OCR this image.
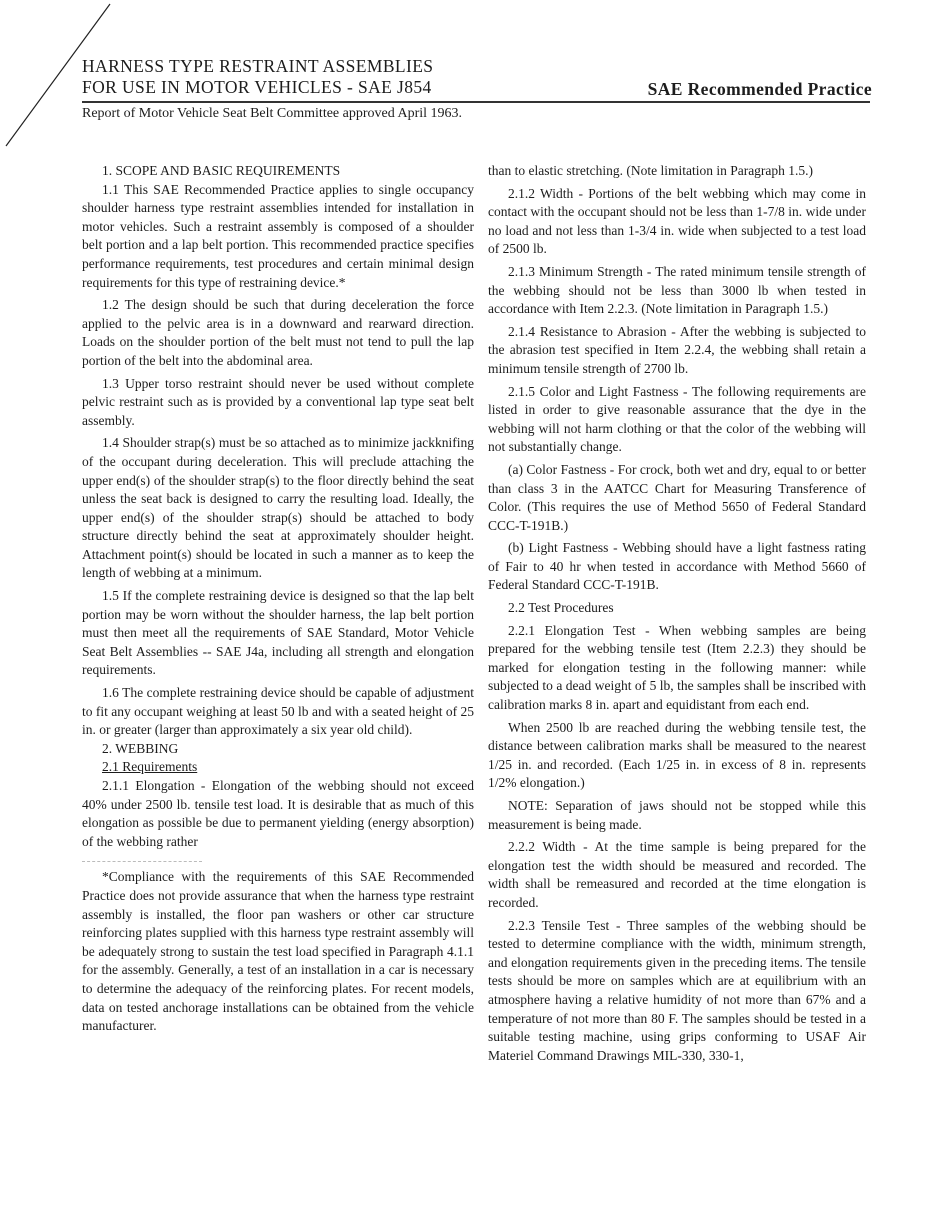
HARNESS TYPE RESTRAINT ASSEMBLIES

FOR USE IN MOTOR VEHICLES - SAE J854	SAE Recommended Practice
Report of Motor Vehicle Seat Belt Committee approved April 1963.

1. SCOPE AND BASIC REQUIREMENTS

1.1 This SAE Recommended Practice applies to single occupancy shoulder harness type restraint assemblies intended for installation in motor vehicles. Such a restraint assembly is composed of a shoulder belt portion and a lap belt portion. This recommended practice specifies performance requirements, test procedures and certain minimal design requirements for this type of restraining device.*

1.2 The design should be such that during deceleration the force applied to the pelvic area is in a downward and rearward direction. Loads on the shoulder portion of the belt must not tend to pull the lap portion of the belt into the abdominal area.

1.3 Upper torso restraint should never be used without complete pelvic restraint such as is provided by a conventional lap type seat belt assembly.

1.4 Shoulder strap(s) must be so attached as to minimize jackknifing of the occupant during deceleration. This will preclude attaching the upper end(s) of the shoulder strap(s) to the floor directly behind the seat unless the seat back is designed to carry the resulting load. Ideally, the upper end(s) of the shoulder strap(s) should be attached to body structure directly behind the seat at approximately shoulder height. Attachment point(s) should be located in such a manner as to keep the length of webbing at a minimum.

1.5 If the complete restraining device is designed so that the lap belt portion may be worn without the shoulder harness, the lap belt portion must then meet all the requirements of SAE Standard, Motor Vehicle Seat Belt Assemblies -- SAE J4a, including all strength and elongation requirements.

1.6 The complete restraining device should be capable of adjustment to fit any occupant weighing at least 50 lb and with a seated height of 25 in. or greater (larger than approximately a six year old child).

2. WEBBING

2.1 Requirements

2.1.1 Elongation - Elongation of the webbing should not exceed 40% under 2500 lb. tensile test load. It is desirable that as much of this elongation as possible be due to permanent yielding (energy absorption) of the webbing rather

*Compliance with the requirements of this SAE Recommended Practice does not provide assurance that when the harness type restraint assembly is installed, the floor pan washers or other car structure reinforcing plates supplied with this harness type restraint assembly will be adequately strong to sustain the test load specified in Paragraph 4.1.1 for the assembly. Generally, a test of an installation in a car is necessary to determine the adequacy of the reinforcing plates. For recent models, data on tested anchorage installations can be obtained from the vehicle manufacturer.

than to elastic stretching. (Note limitation in Paragraph 1.5.)

2.1.2 Width - Portions of the belt webbing which may come in contact with the occupant should not be less than 1-7/8 in. wide under no load and not less than 1-3/4 in. wide when subjected to a test load of 2500 lb.

2.1.3 Minimum Strength - The rated minimum tensile strength of the webbing should not be less than 3000 lb when tested in accordance with Item 2.2.3. (Note limitation in Paragraph 1.5.)

2.1.4 Resistance to Abrasion - After the webbing is subjected to the abrasion test specified in Item 2.2.4, the webbing shall retain a minimum tensile strength of 2700 lb.

2.1.5 Color and Light Fastness - The following requirements are listed in order to give reasonable assurance that the dye in the webbing will not harm clothing or that the color of the webbing will not substantially change.

(a) Color Fastness - For crock, both wet and dry, equal to or better than class 3 in the AATCC Chart for Measuring Transference of Color. (This requires the use of Method 5650 of Federal Standard CCC-T-191B.)

(b) Light Fastness - Webbing should have a light fastness rating of Fair to 40 hr when tested in accordance with Method 5660 of Federal Standard CCC-T-191B.

2.2 Test Procedures

2.2.1 Elongation Test - When webbing samples are being prepared for the webbing tensile test (Item 2.2.3) they should be marked for elongation testing in the following manner: while subjected to a dead weight of 5 lb, the samples shall be inscribed with calibration marks 8 in. apart and equidistant from each end.

When 2500 lb are reached during the webbing tensile test, the distance between calibration marks shall be measured to the nearest 1/25 in. and recorded. (Each 1/25 in. in excess of 8 in. represents 1/2% elongation.)

NOTE: Separation of jaws should not be stopped while this measurement is being made.

2.2.2 Width - At the time sample is being prepared for the elongation test the width should be measured and recorded. The width shall be remeasured and recorded at the time elongation is recorded.

2.2.3 Tensile Test - Three samples of the webbing should be tested to determine compliance with the width, minimum strength, and elongation requirements given in the preceding items. The tensile tests should be more on samples which are at equilibrium with an atmosphere having a relative humidity of not more than 67% and a temperature of not more than 80 F. The samples should be tested in a suitable testing machine, using grips conforming to USAF Air Materiel Command Drawings MIL-330, 330-1,
